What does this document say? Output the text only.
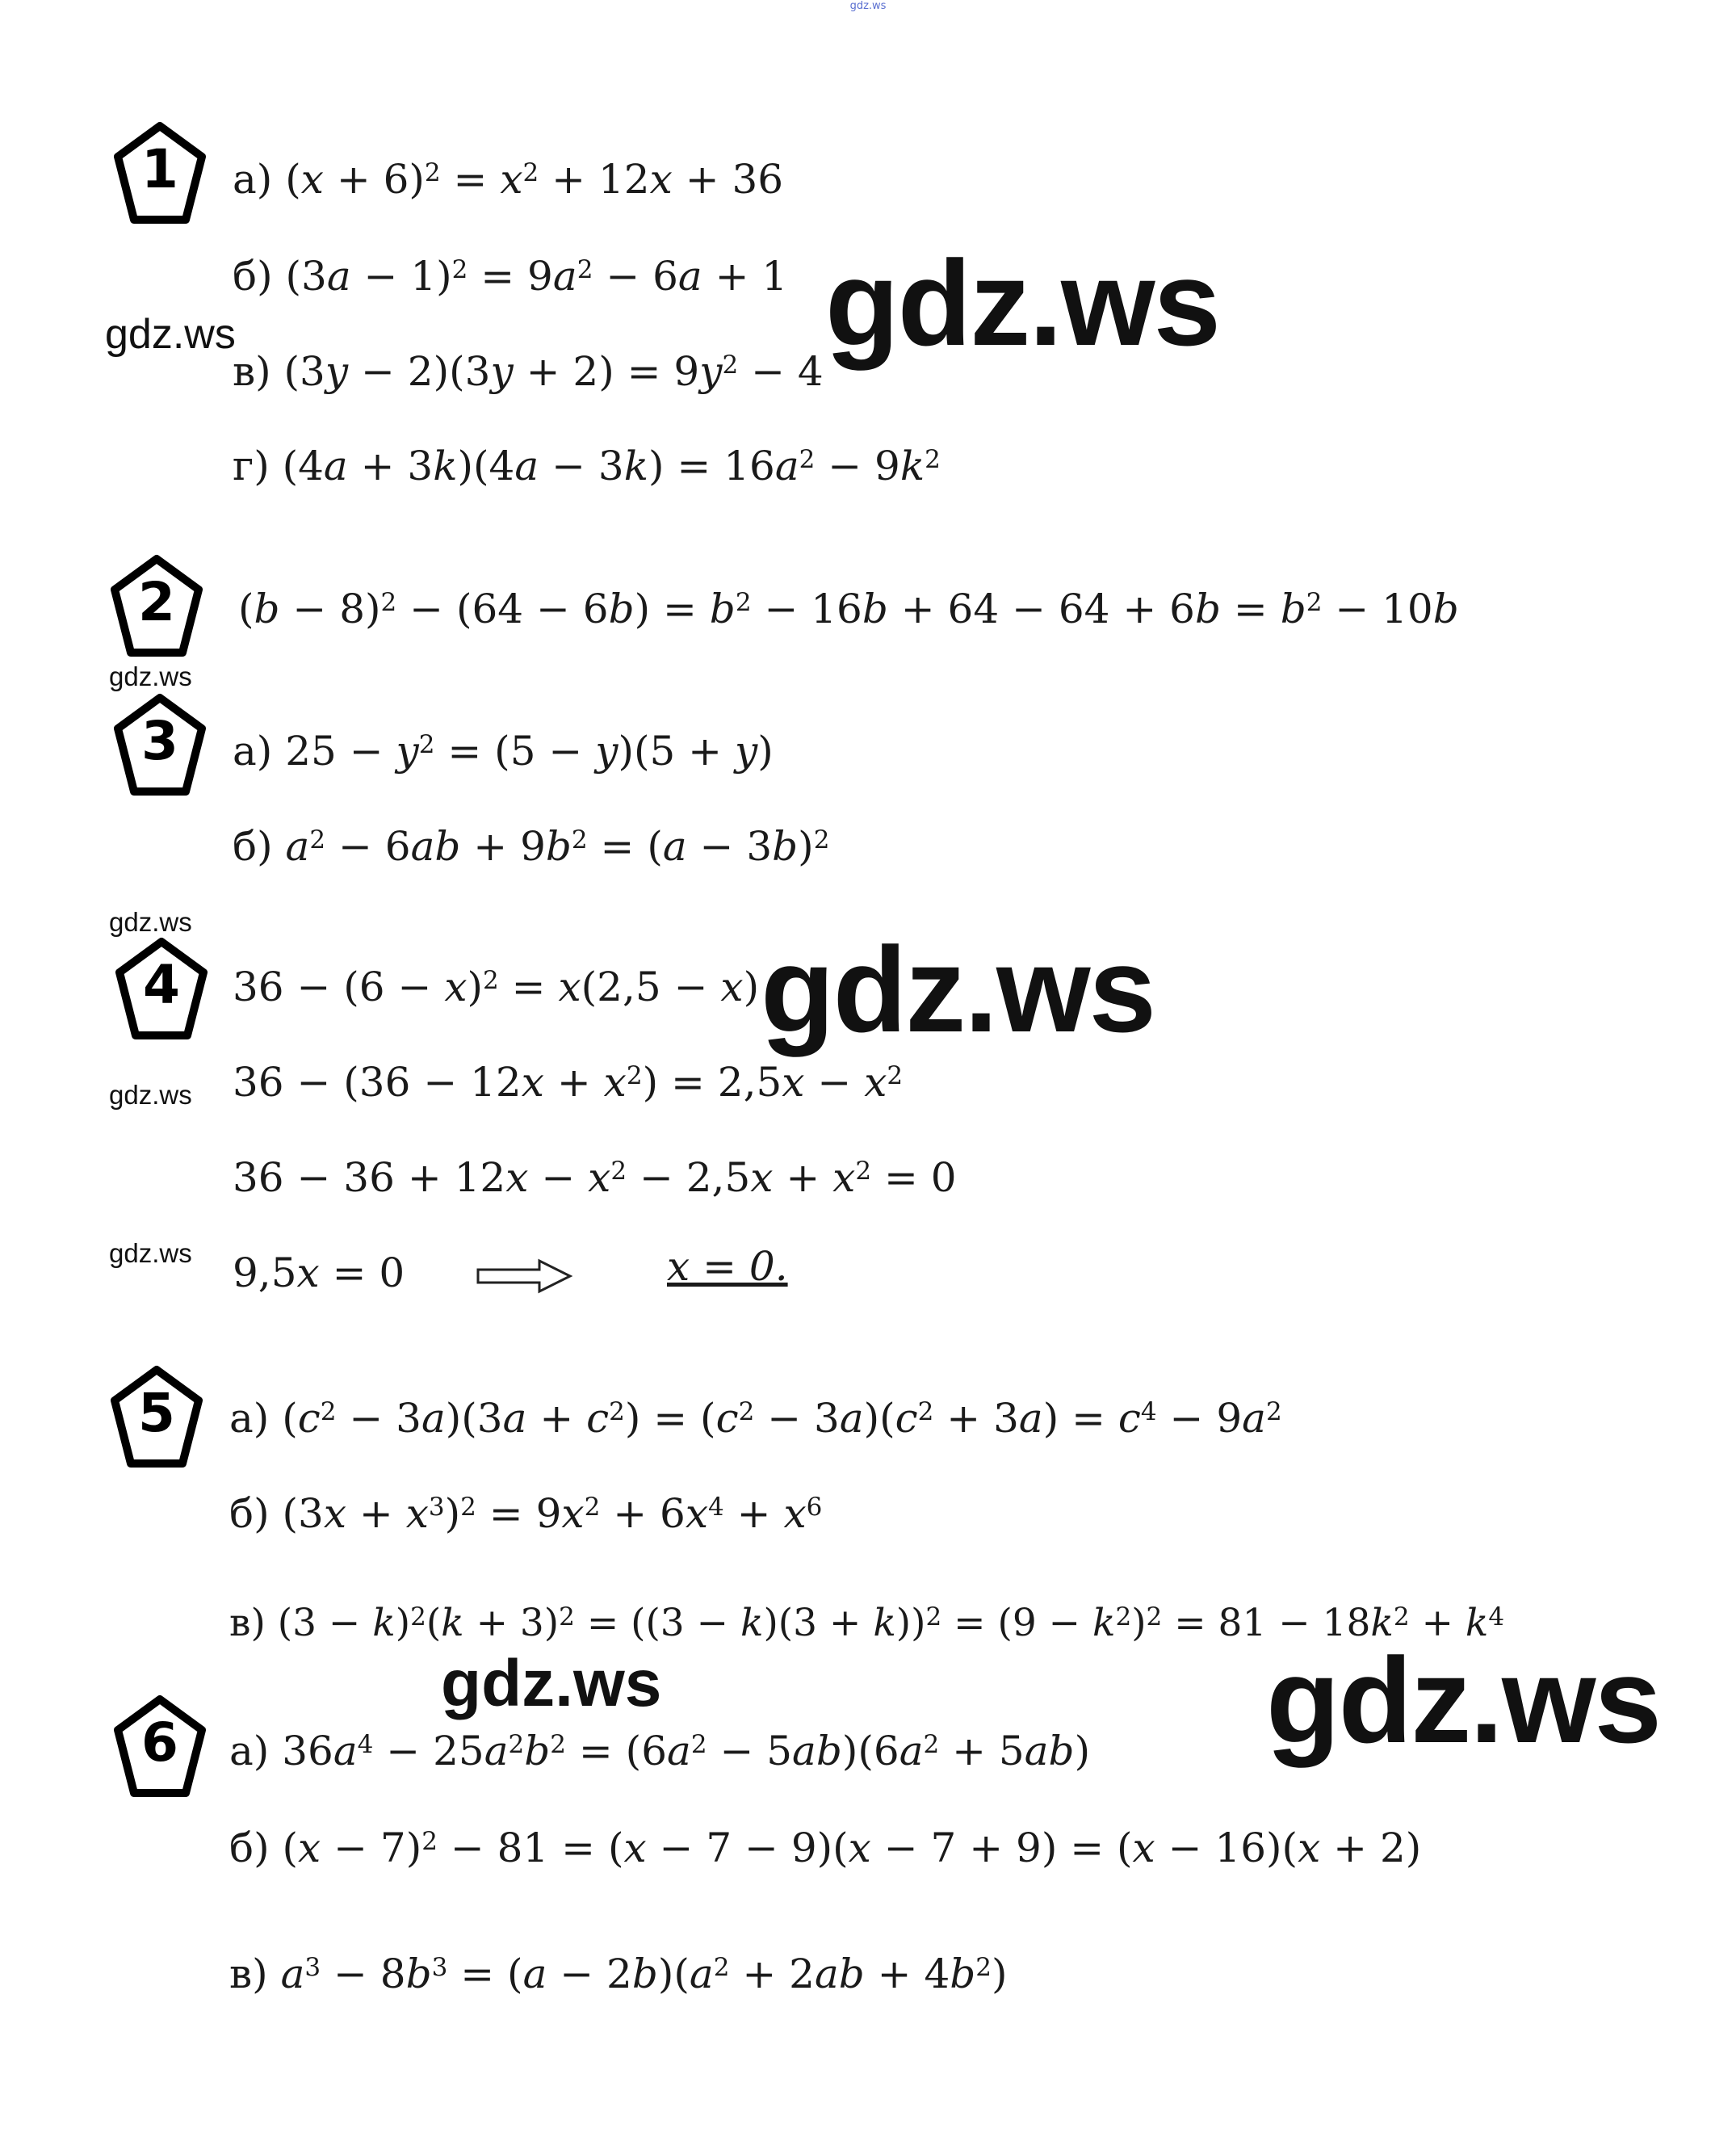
gdz.ws
1	а) $(x + 6)^2 = x^2 + 12x + 36$
б) $(3a - 1)^2 = 9a^2 - 6a + 1$
в) $(3y - 2)(3y + 2) = 9y^2 - 4$
г) $(4a + 3k)(4a - 3k) = 16a^2 - 9k^2$
2	$(b - 8)^2 - (64 - 6b) = b^2 - 16b + 64 - 64 + 6b = b^2 - 10b$
3	а) $25 - y^2 = (5 - y)(5 + y)$
б) $a^2 - 6ab + 9b^2 = (a - 3b)^2$
4	$36 - (6 - x)^2 = x(2,5 - x)$
$36 - (36 - 12x + x^2) = 2,5x - x^2$
$36 - 36 + 12x - x^2 - 2,5x + x^2 = 0$
9,5x = 0	x = 0.
5	а) $(c^2 - 3a)(3a + c^2) = (c^2 - 3a)(c^2 + 3a) = c^4 - 9a^2$
б) $(3x + x^3)^2 = 9x^2 + 6x^4 + x^6$
в) $(3 - k)^2(k + 3)^2 = ((3 - k)(3 + k))^2 = (9 - k^2)^2 = 81 - 18k^2 + k^4$
6	а) $36a^4 - 25a^2b^2 = (6a^2 - 5ab)(6a^2 + 5ab)$
б) $(x - 7)^2 - 81 = (x - 7 - 9)(x - 7 + 9) = (x - 16)(x + 2)$
в) $a^3 - 8b^3 = (a - 2b)(a^2 + 2ab + 4b^2)$
gdz.ws
gdz.ws
gdz.ws
gdz.ws	gdz.ws
gdz.ws
gdz.ws
gdz.ws	gdz.ws
